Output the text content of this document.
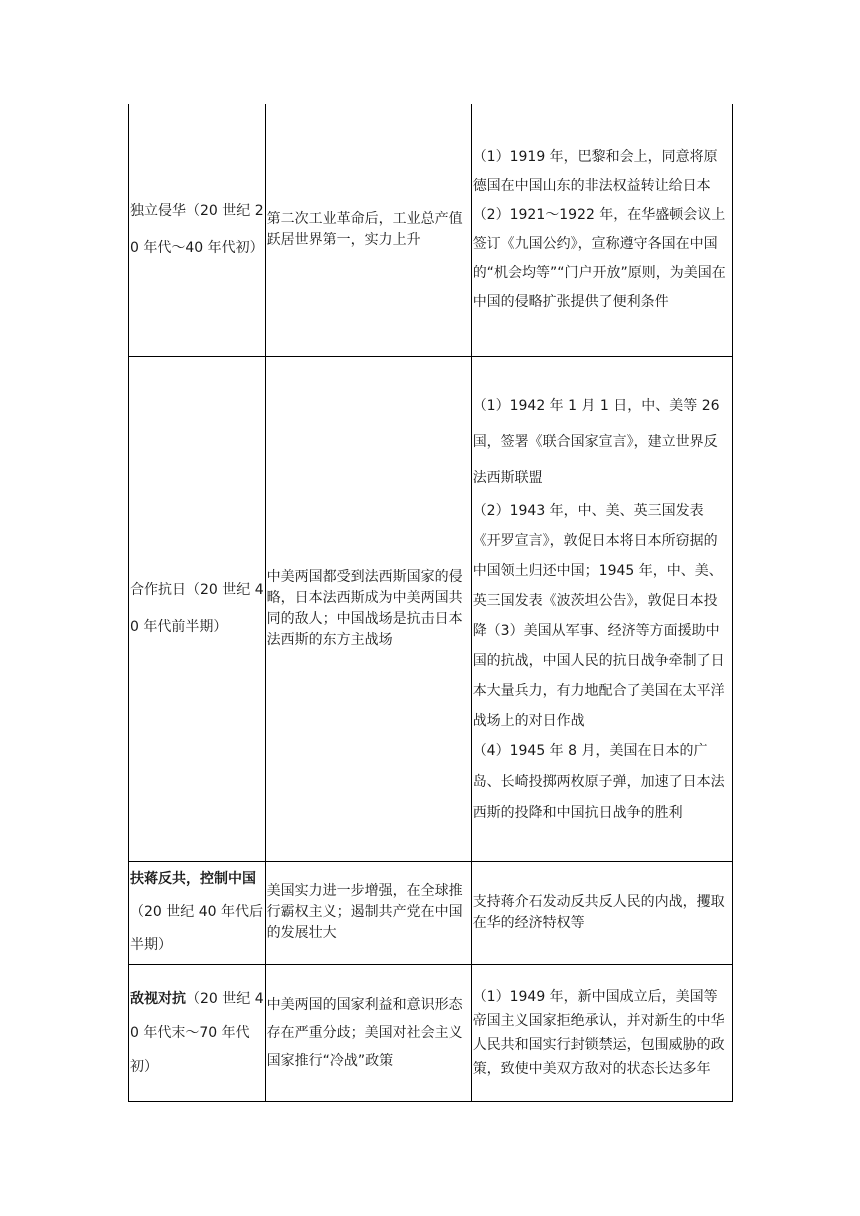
独立侵华（20 世纪 20 年代～40 年代初）	第二次工业革命后，工业总产值跃居世界第一，实力上升	（1）1919 年，巴黎和会上，同意将原德国在中国山东的非法权益转让给日本
（2）1921～1922 年，在华盛顿会议上签订《九国公约》，宣称遵守各国在中国的“机会均等”“门户开放”原则，为美国在中国的侵略扩张提供了便利条件

合作抗日（20 世纪 40 年代前半期）	中美两国都受到法西斯国家的侵略，日本法西斯成为中美两国共同的敌人；中国战场是抗击日本法西斯的东方主战场	（1）1942 年 1 月 1 日，中、美等 26 国，签署《联合国家宣言》，建立世界反法西斯联盟
（2）1943 年，中、美、英三国发表《开罗宣言》，敦促日本将日本所窃据的中国领土归还中国；1945 年，中、美、英三国发表《波茨坦公告》，敦促日本投降（3）美国从军事、经济等方面援助中国的抗战，中国人民的抗日战争牵制了日本大量兵力，有力地配合了美国在太平洋战场上的对日作战
（4）1945 年 8 月，美国在日本的广岛、长崎投掷两枚原子弹，加速了日本法西斯的投降和中国抗日战争的胜利

扶蒋反共，控制中国（20 世纪 40 年代后半期）	美国实力进一步增强，在全球推行霸权主义；遏制共产党在中国的发展壮大	支持蒋介石发动反共反人民的内战，攫取在华的经济特权等

敌视对抗（20 世纪 40 年代末～70 年代初）	中美两国的国家利益和意识形态存在严重分歧；美国对社会主义国家推行“冷战”政策	（1）1949 年，新中国成立后，美国等帝国主义国家拒绝承认，并对新生的中华人民共和国实行封锁禁运，包围威胁的政策，致使中美双方敌对的状态长达多年
